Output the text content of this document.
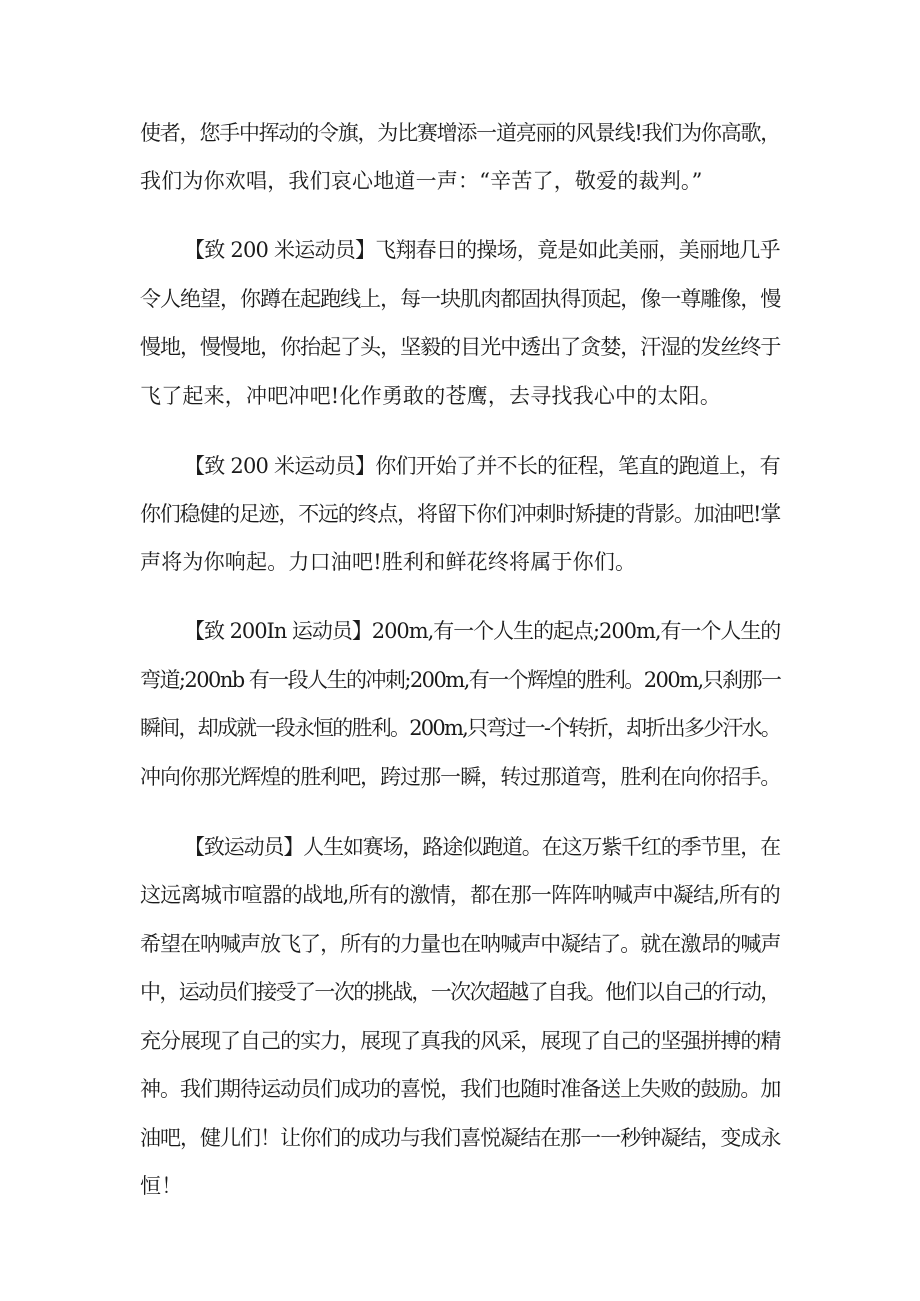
使者，您手中挥动的令旗，为比赛增添一道亮丽的风景线!我们为你高歌，
我们为你欢唱，我们哀心地道一声：“辛苦了，敬爱的裁判。”
【致 200 米运动员】飞翔春日的操场，竟是如此美丽，美丽地几乎
令人绝望，你蹲在起跑线上，每一块肌肉都固执得顶起，像一尊雕像，慢
慢地，慢慢地，你抬起了头，坚毅的目光中透出了贪婪，汗湿的发丝终于
飞了起来，冲吧冲吧!化作勇敢的苍鹰，去寻找我心中的太阳。
【致 200 米运动员】你们开始了并不长的征程，笔直的跑道上，有
你们稳健的足迹，不远的终点，将留下你们冲刺时矫捷的背影。加油吧!掌
声将为你响起。力口油吧!胜利和鲜花终将属于你们。
【致 200In 运动员】200m,有一个人生的起点;200m,有一个人生的
弯道;200nb 有一段人生的冲刺;200m,有一个辉煌的胜利。200m,只刹那一
瞬间，却成就一段永恒的胜利。200m,只弯过一-个转折，却折出多少汗水。
冲向你那光辉煌的胜利吧，跨过那一瞬，转过那道弯，胜利在向你招手。
【致运动员】人生如赛场，路途似跑道。在这万紫千红的季节里，在
这远离城市喧嚣的战地,所有的激情，都在那一阵阵呐喊声中凝结,所有的
希望在呐喊声放飞了，所有的力量也在呐喊声中凝结了。就在激昂的喊声
中，运动员们接受了一次的挑战，一次次超越了自我。他们以自己的行动，
充分展现了自己的实力，展现了真我的风采，展现了自己的坚强拼搏的精
神。我们期待运动员们成功的喜悦，我们也随时准备送上失败的鼓励。加
油吧，健儿们！让你们的成功与我们喜悦凝结在那一一秒钟凝结，变成永
恒！
